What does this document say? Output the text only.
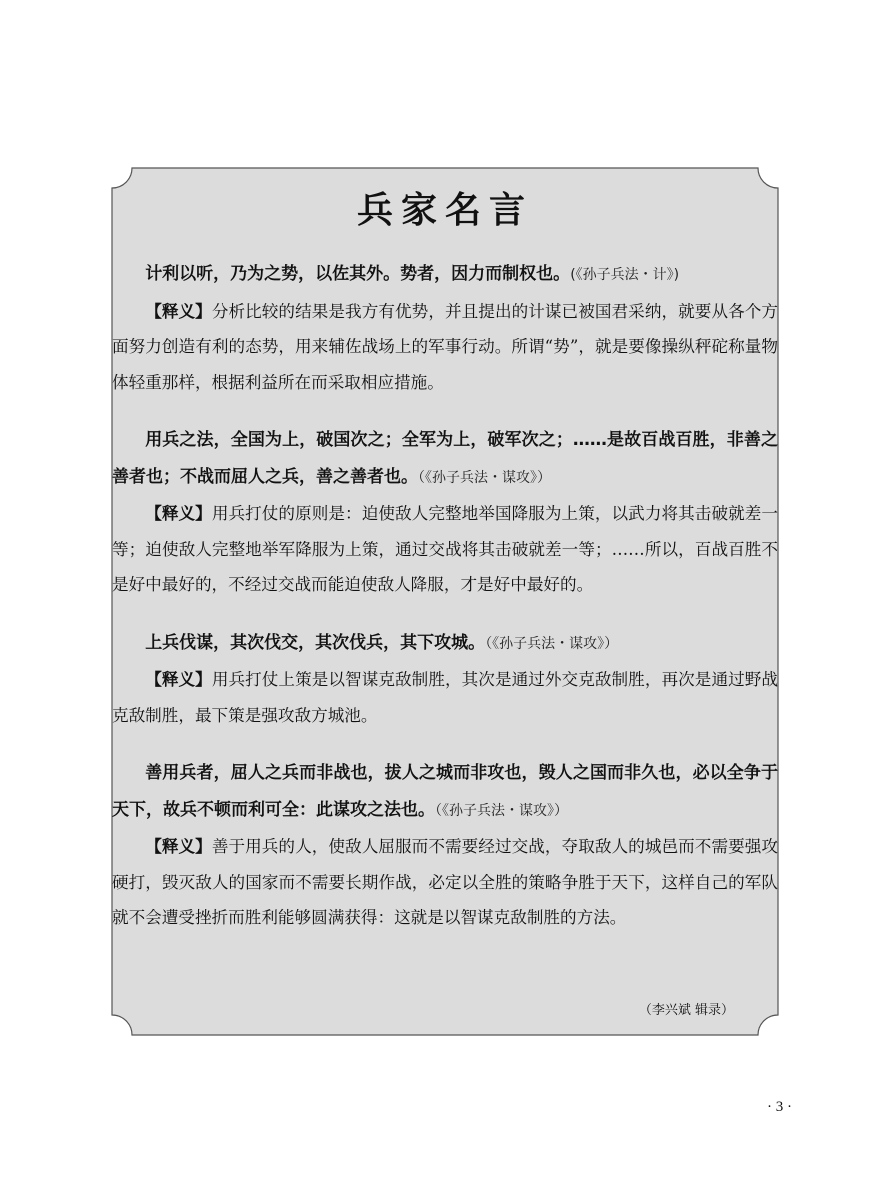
兵家名言

计利以听，乃为之势，以佐其外。势者，因力而制权也。(《孙子兵法・计》)

【释义】分析比较的结果是我方有优势，并且提出的计谋已被国君采纳，就要从各个方面努力创造有利的态势，用来辅佐战场上的军事行动。所谓“势”，就是要像操纵秤砣称量物体轻重那样，根据利益所在而采取相应措施。

用兵之法，全国为上，破国次之；全军为上，破军次之；……是故百战百胜，非善之善者也；不战而屈人之兵，善之善者也。（《孙子兵法・谋攻》）

【释义】用兵打仗的原则是：迫使敌人完整地举国降服为上策，以武力将其击破就差一等；迫使敌人完整地举军降服为上策，通过交战将其击破就差一等；……所以，百战百胜不是好中最好的，不经过交战而能迫使敌人降服，才是好中最好的。

上兵伐谋，其次伐交，其次伐兵，其下攻城。（《孙子兵法・谋攻》）

【释义】用兵打仗上策是以智谋克敌制胜，其次是通过外交克敌制胜，再次是通过野战克敌制胜，最下策是强攻敌方城池。

善用兵者，屈人之兵而非战也，拔人之城而非攻也，毁人之国而非久也，必以全争于天下，故兵不顿而利可全：此谋攻之法也。（《孙子兵法・谋攻》）

【释义】善于用兵的人，使敌人屈服而不需要经过交战，夺取敌人的城邑而不需要强攻硬打，毁灭敌人的国家而不需要长期作战，必定以全胜的策略争胜于天下，这样自己的军队就不会遭受挫折而胜利能够圆满获得：这就是以智谋克敌制胜的方法。

（李兴斌 辑录）
· 3 ·
